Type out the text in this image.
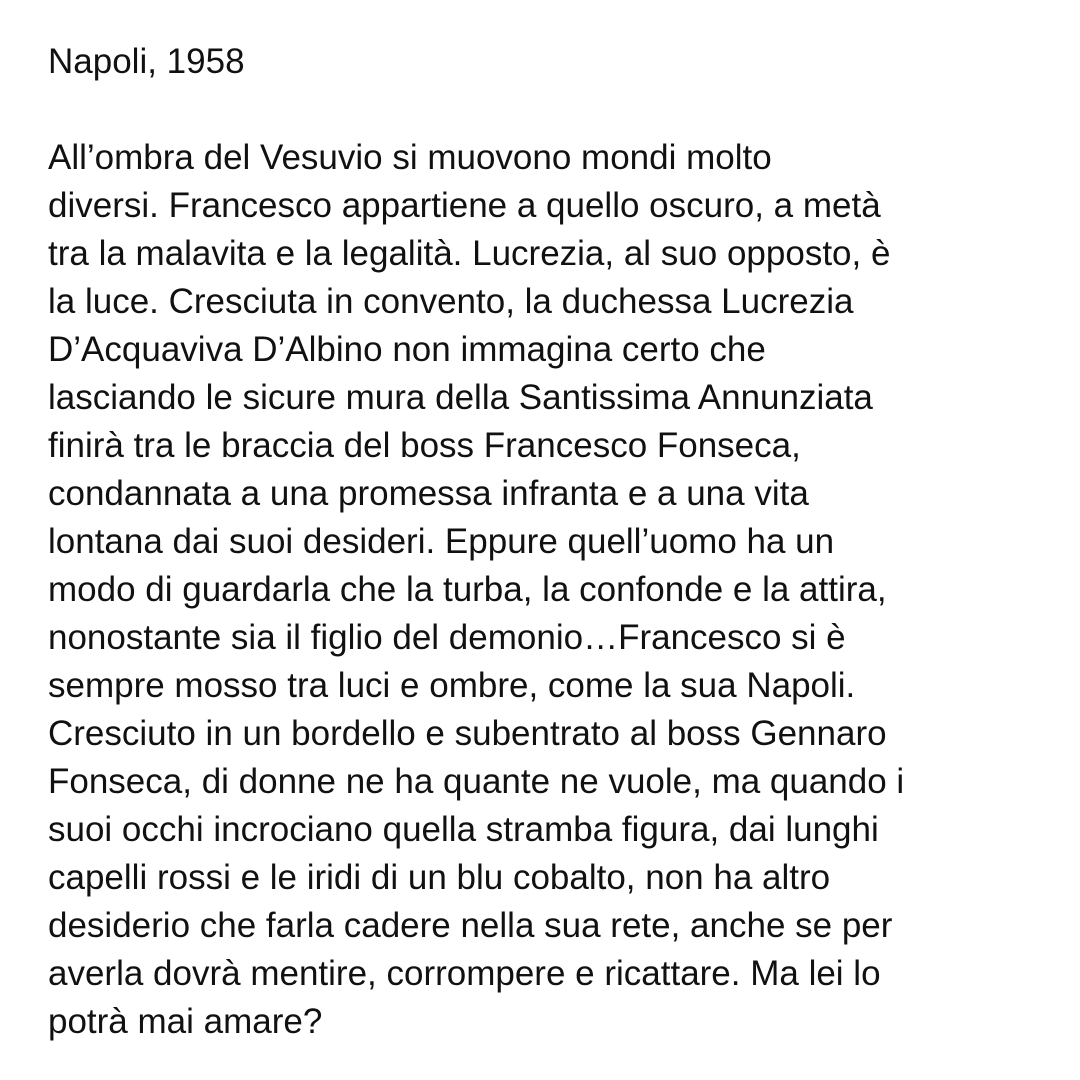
Napoli, 1958
All’ombra del Vesuvio si muovono mondi molto
diversi. Francesco appartiene a quello oscuro, a metà
tra la malavita e la legalità. Lucrezia, al suo opposto, è
la luce. Cresciuta in convento, la duchessa Lucrezia
D’Acquaviva D’Albino non immagina certo che
lasciando le sicure mura della Santissima Annunziata
finirà tra le braccia del boss Francesco Fonseca,
condannata a una promessa infranta e a una vita
lontana dai suoi desideri. Eppure quell’uomo ha un
modo di guardarla che la turba, la confonde e la attira,
nonostante sia il figlio del demonio…Francesco si è
sempre mosso tra luci e ombre, come la sua Napoli.
Cresciuto in un bordello e subentrato al boss Gennaro
Fonseca, di donne ne ha quante ne vuole, ma quando i
suoi occhi incrociano quella stramba figura, dai lunghi
capelli rossi e le iridi di un blu cobalto, non ha altro
desiderio che farla cadere nella sua rete, anche se per
averla dovrà mentire, corrompere e ricattare. Ma lei lo
potrà mai amare?
